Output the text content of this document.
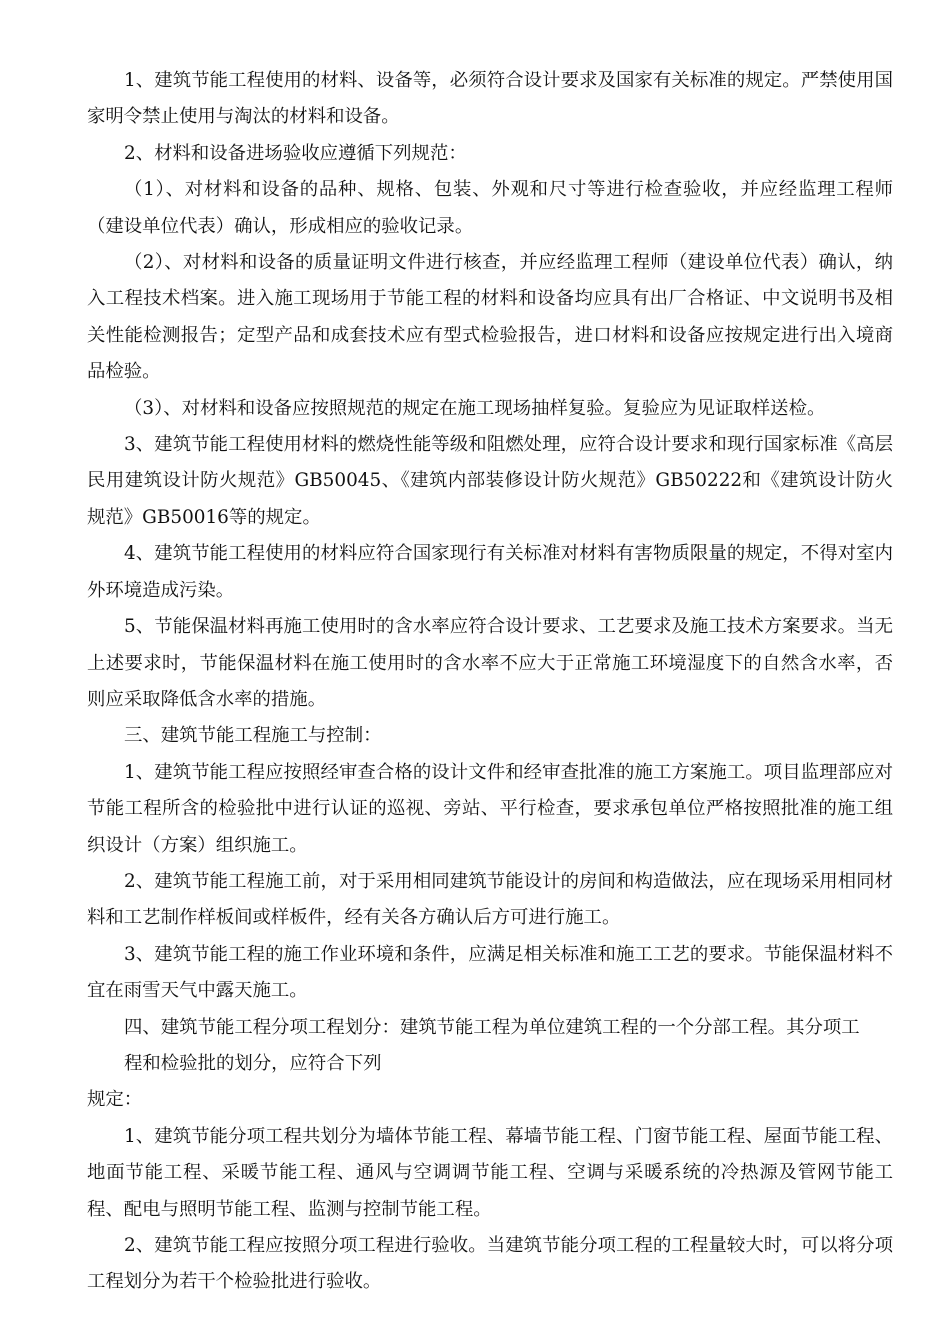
1、建筑节能工程使用的材料、设备等，必须符合设计要求及国家有关标准的规定。严禁使用国家明令禁止使用与淘汰的材料和设备。

2、材料和设备进场验收应遵循下列规范：

（1）、对材料和设备的品种、规格、包装、外观和尺寸等进行检查验收，并应经监理工程师（建设单位代表）确认，形成相应的验收记录。

（2）、对材料和设备的质量证明文件进行核查，并应经监理工程师（建设单位代表）确认，纳入工程技术档案。进入施工现场用于节能工程的材料和设备均应具有出厂合格证、中文说明书及相关性能检测报告；定型产品和成套技术应有型式检验报告，进口材料和设备应按规定进行出入境商品检验。

（3）、对材料和设备应按照规范的规定在施工现场抽样复验。复验应为见证取样送检。

3、建筑节能工程使用材料的燃烧性能等级和阻燃处理，应符合设计要求和现行国家标准《高层民用建筑设计防火规范》GB50045、《建筑内部装修设计防火规范》GB50222和《建筑设计防火规范》GB50016等的规定。

4、建筑节能工程使用的材料应符合国家现行有关标准对材料有害物质限量的规定，不得对室内外环境造成污染。

5、节能保温材料再施工使用时的含水率应符合设计要求、工艺要求及施工技术方案要求。当无上述要求时，节能保温材料在施工使用时的含水率不应大于正常施工环境湿度下的自然含水率，否则应采取降低含水率的措施。

三、建筑节能工程施工与控制：

1、建筑节能工程应按照经审查合格的设计文件和经审查批准的施工方案施工。项目监理部应对节能工程所含的检验批中进行认证的巡视、旁站、平行检查，要求承包单位严格按照批准的施工组织设计（方案）组织施工。

2、建筑节能工程施工前，对于采用相同建筑节能设计的房间和构造做法，应在现场采用相同材料和工艺制作样板间或样板件，经有关各方确认后方可进行施工。

3、建筑节能工程的施工作业环境和条件，应满足相关标准和施工工艺的要求。节能保温材料不宜在雨雪天气中露天施工。

四、建筑节能工程分项工程划分：建筑节能工程为单位建筑工程的一个分部工程。其分项工

程和检验批的划分，应符合下列

规定：

1、建筑节能分项工程共划分为墙体节能工程、幕墙节能工程、门窗节能工程、屋面节能工程、地面节能工程、采暖节能工程、通风与空调调节能工程、空调与采暖系统的冷热源及管网节能工程、配电与照明节能工程、监测与控制节能工程。

2、建筑节能工程应按照分项工程进行验收。当建筑节能分项工程的工程量较大时，可以将分项工程划分为若干个检验批进行验收。
